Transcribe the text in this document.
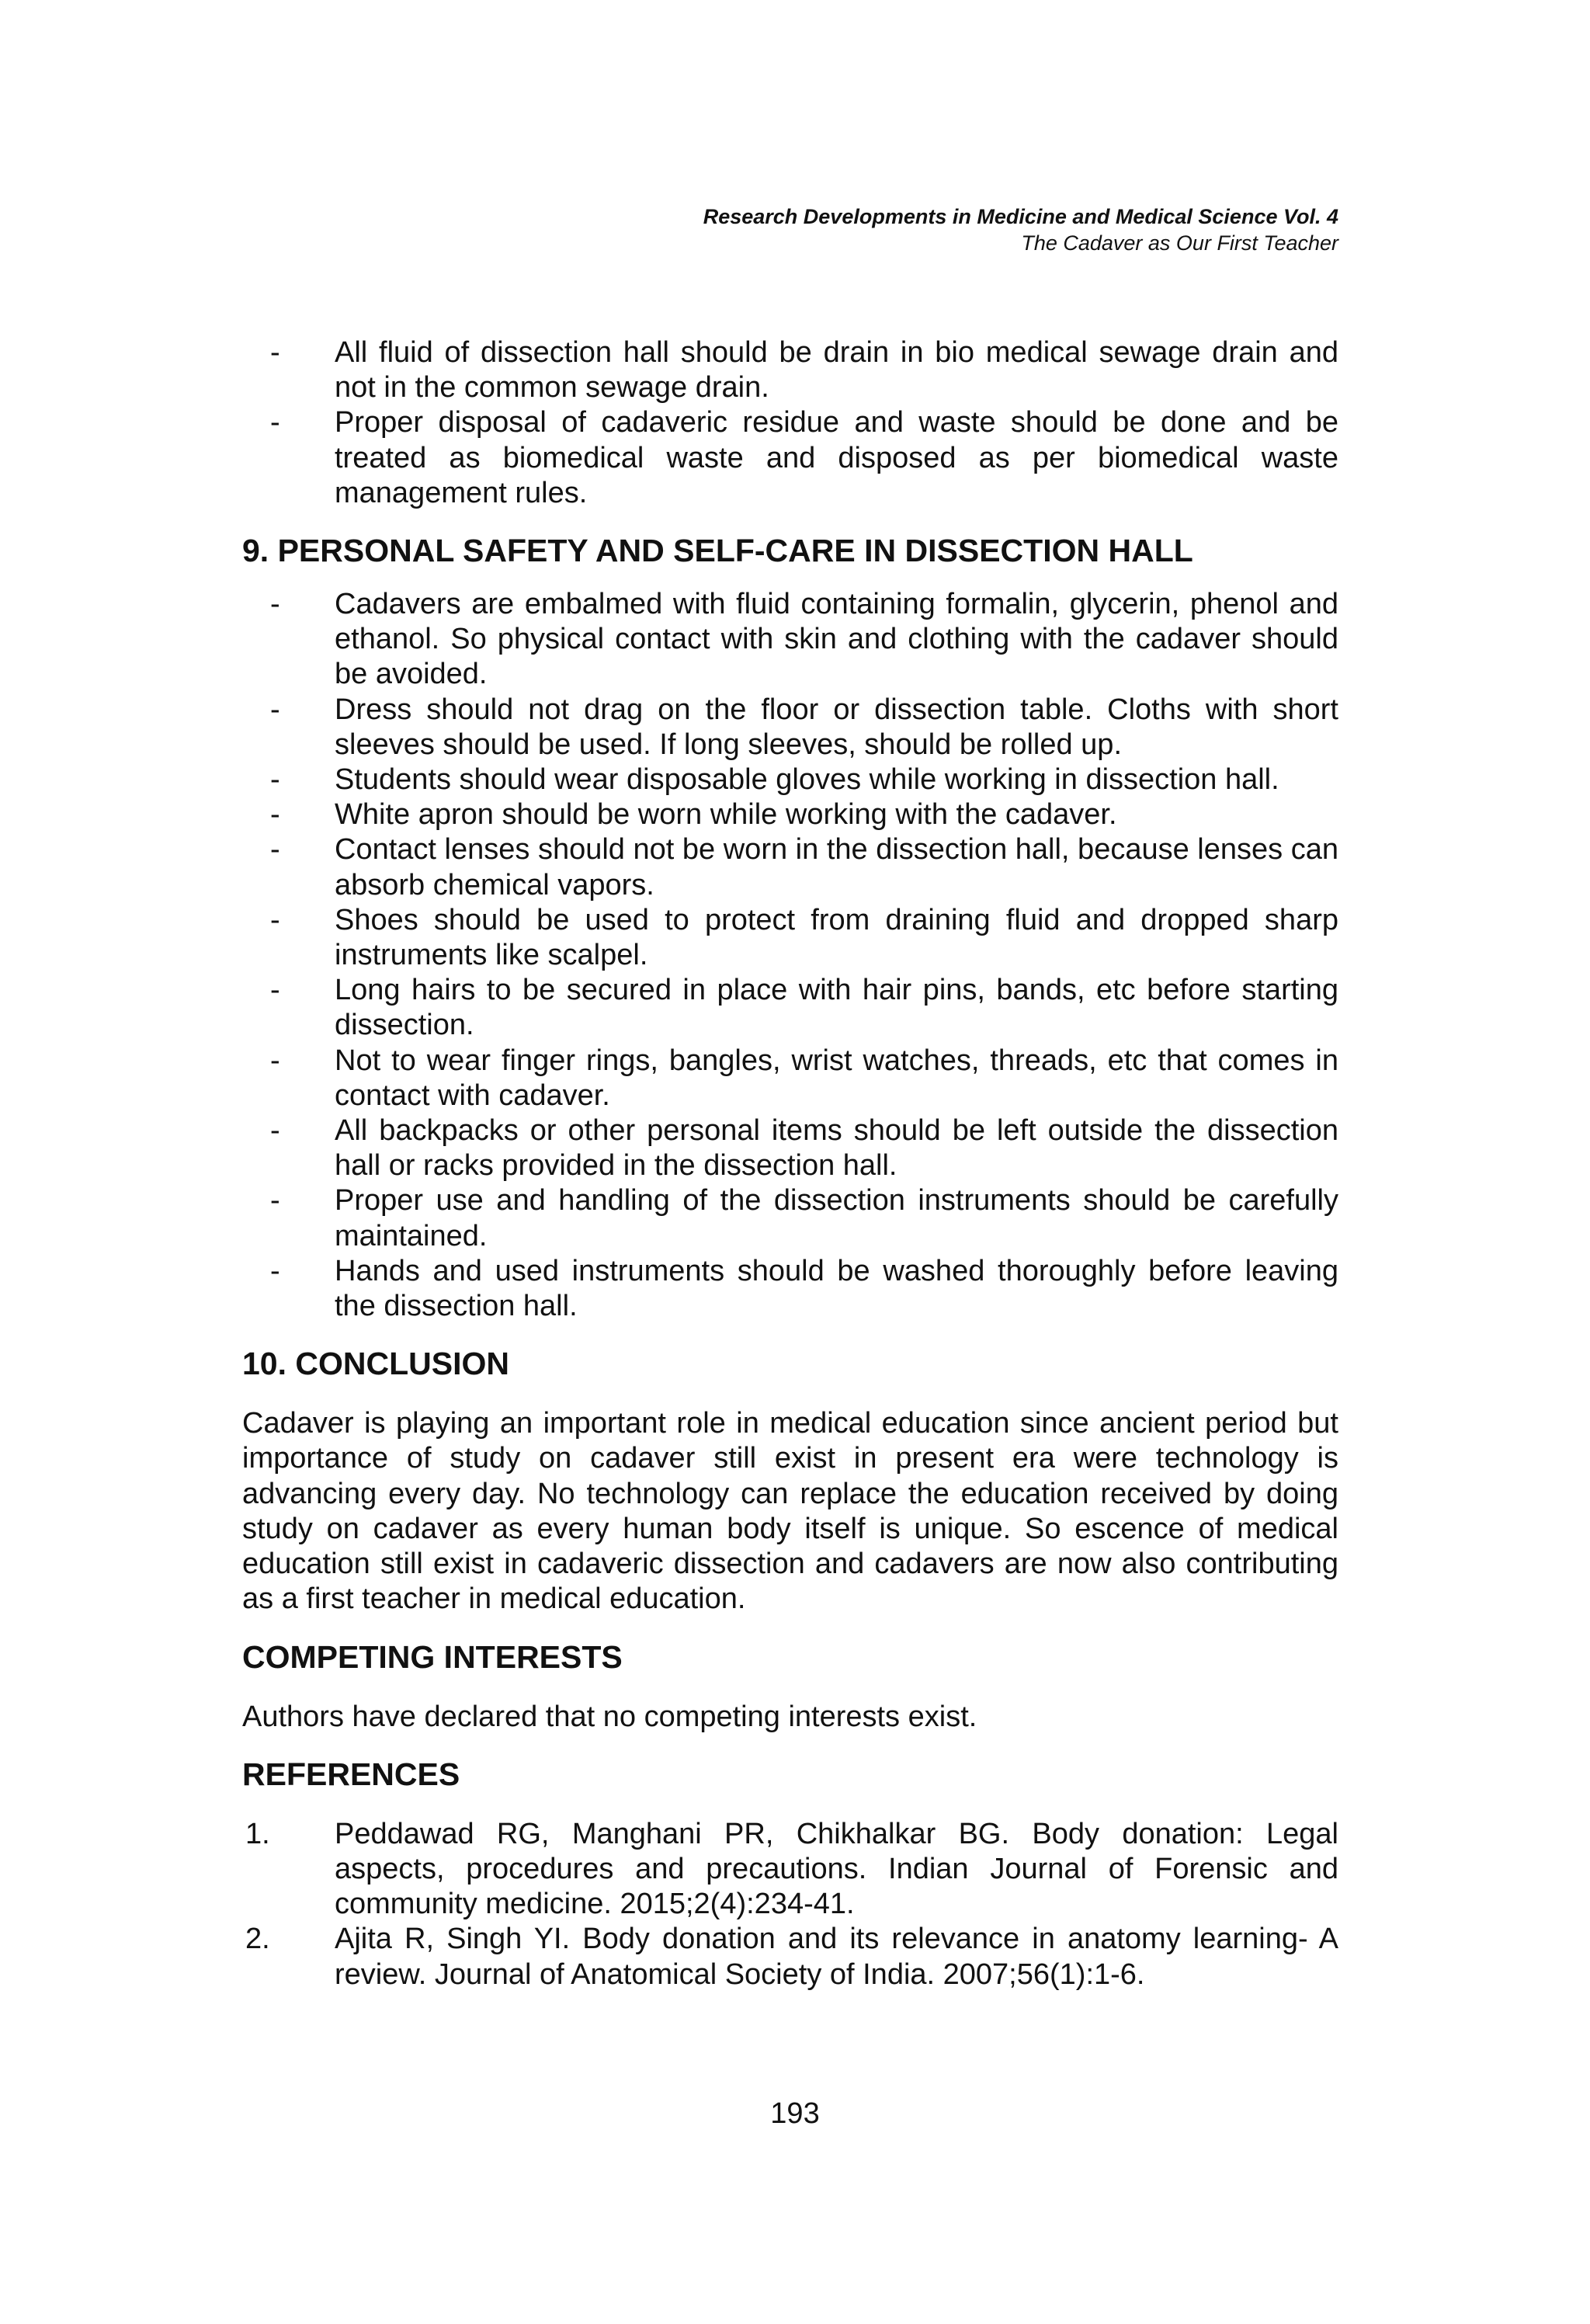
Research Developments in Medicine and Medical Science Vol. 4
The Cadaver as Our First Teacher
- All fluid of dissection hall should be drain in bio medical sewage drain and not in the common sewage drain.
- Proper disposal of cadaveric residue and waste should be done and be treated as biomedical waste and disposed as per biomedical waste management rules.
9. PERSONAL SAFETY AND SELF-CARE IN DISSECTION HALL
- Cadavers are embalmed with fluid containing formalin, glycerin, phenol and ethanol. So physical contact with skin and clothing with the cadaver should be avoided.
- Dress should not drag on the floor or dissection table. Cloths with short sleeves should be used. If long sleeves, should be rolled up.
- Students should wear disposable gloves while working in dissection hall.
- White apron should be worn while working with the cadaver.
- Contact lenses should not be worn in the dissection hall, because lenses can absorb chemical vapors.
- Shoes should be used to protect from draining fluid and dropped sharp instruments like scalpel.
- Long hairs to be secured in place with hair pins, bands, etc before starting dissection.
- Not to wear finger rings, bangles, wrist watches, threads, etc that comes in contact with cadaver.
- All backpacks or other personal items should be left outside the dissection hall or racks provided in the dissection hall.
- Proper use and handling of the dissection instruments should be carefully maintained.
- Hands and used instruments should be washed thoroughly before leaving the dissection hall.
10. CONCLUSION

Cadaver is playing an important role in medical education since ancient period but importance of study on cadaver still exist in present era were technology is advancing every day. No technology can replace the education received by doing study on cadaver as every human body itself is unique. So escence of medical education still exist in cadaveric dissection and cadavers are now also contributing as a first teacher in medical education.

COMPETING INTERESTS

Authors have declared that no competing interests exist.

REFERENCES
1. Peddawad RG, Manghani PR, Chikhalkar BG. Body donation: Legal aspects, procedures and precautions. Indian Journal of Forensic and community medicine. 2015;2(4):234-41.
2. Ajita R, Singh YI. Body donation and its relevance in anatomy learning- A review. Journal of Anatomical Society of India. 2007;56(1):1-6.
193
